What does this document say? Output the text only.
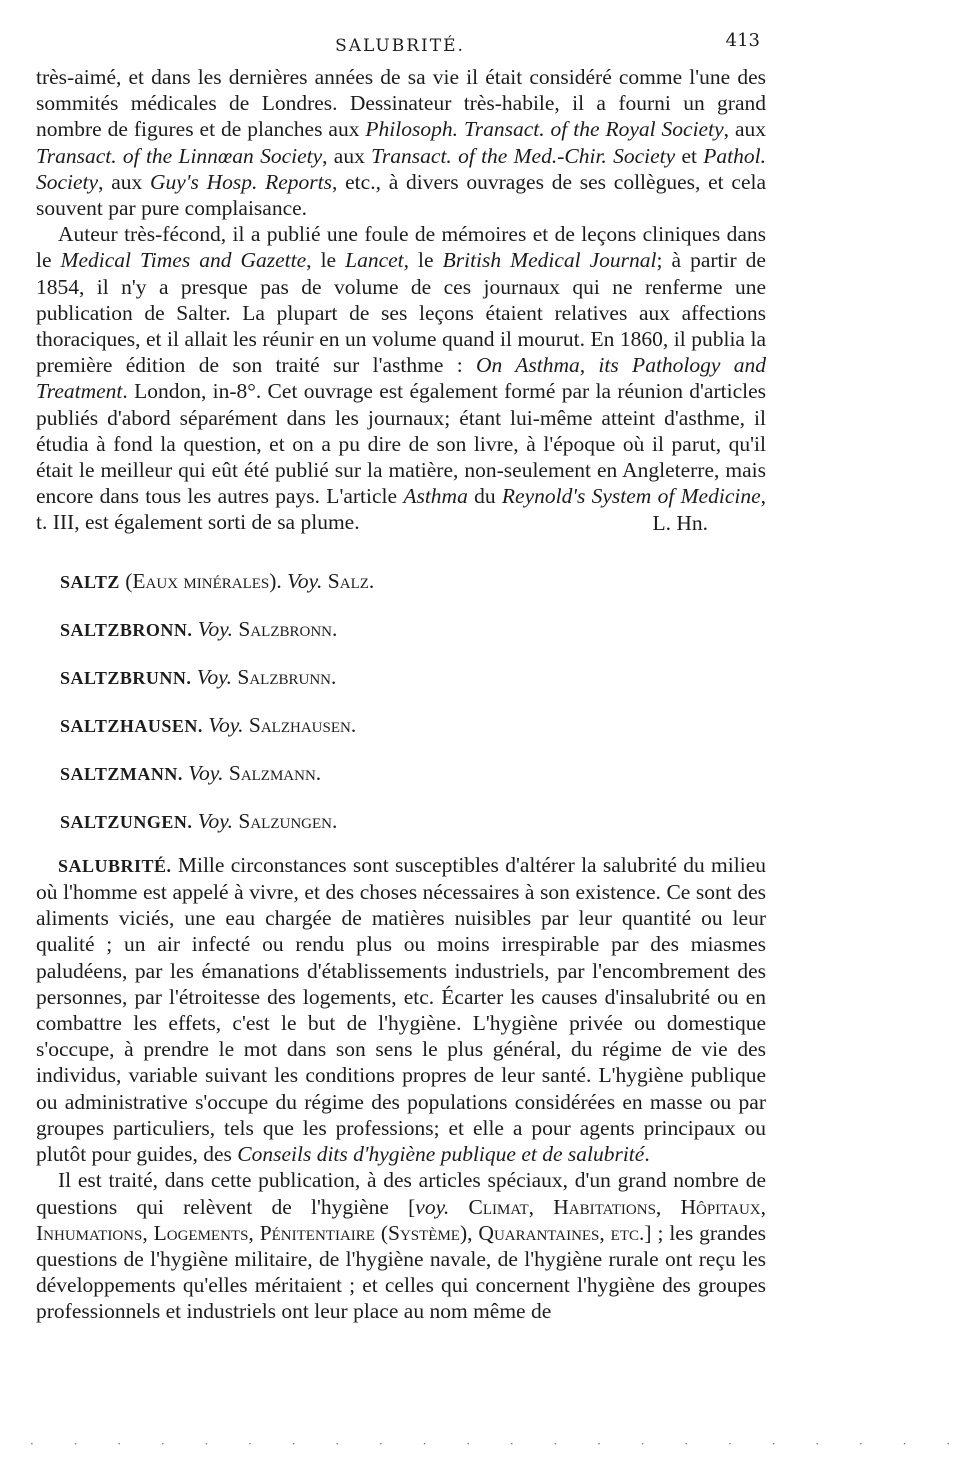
SALUBRITÉ.	413

très-aimé, et dans les dernières années de sa vie il était considéré comme l'une des sommités médicales de Londres. Dessinateur très-habile, il a fourni un grand nombre de figures et de planches aux Philosoph. Transact. of the Royal Society, aux Transact. of the Linnœan Society, aux Transact. of the Med.-Chir. Society et Pathol. Society, aux Guy's Hosp. Reports, etc., à divers ouvrages de ses collègues, et cela souvent par pure complaisance.

Auteur très-fécond, il a publié une foule de mémoires et de leçons cliniques dans le Medical Times and Gazette, le Lancet, le British Medical Journal; à partir de 1854, il n'y a presque pas de volume de ces journaux qui ne renferme une publication de Salter. La plupart de ses leçons étaient relatives aux affections thoraciques, et il allait les réunir en un volume quand il mourut. En 1860, il publia la première édition de son traité sur l'asthme : On Asthma, its Pathology and Treatment. London, in-8°. Cet ouvrage est également formé par la réunion d'articles publiés d'abord séparément dans les journaux; étant lui-même atteint d'asthme, il étudia à fond la question, et on a pu dire de son livre, à l'époque où il parut, qu'il était le meilleur qui eût été publié sur la matière, non-seulement en Angleterre, mais encore dans tous les autres pays. L'article Asthma du Reynold's System of Medicine, t. III, est également sorti de sa plume.	L. Hn.

SALTZ (Eaux minérales). Voy. Salz.

SALTZBRONN. Voy. Salzbronn.

SALTZBRUNN. Voy. Salzbrunn.

SALTZHAUSEN. Voy. Salzhausen.

SALTZMANN. Voy. Salzmann.

SALTZUNGEN. Voy. Salzungen.

SALUBRITÉ. Mille circonstances sont susceptibles d'altérer la salubrité du milieu où l'homme est appelé à vivre, et des choses nécessaires à son existence. Ce sont des aliments viciés, une eau chargée de matières nuisibles par leur quantité ou leur qualité ; un air infecté ou rendu plus ou moins irrespirable par des miasmes paludéens, par les émanations d'établissements industriels, par l'encombrement des personnes, par l'étroitesse des logements, etc. Écarter les causes d'insalubrité ou en combattre les effets, c'est le but de l'hygiène. L'hygiène privée ou domestique s'occupe, à prendre le mot dans son sens le plus général, du régime de vie des individus, variable suivant les conditions propres de leur santé. L'hygiène publique ou administrative s'occupe du régime des populations considérées en masse ou par groupes particuliers, tels que les professions; et elle a pour agents principaux ou plutôt pour guides, des Conseils dits d'hygiène publique et de salubrité.

Il est traité, dans cette publication, à des articles spéciaux, d'un grand nombre de questions qui relèvent de l'hygiène [voy. Climat, Habitations, Hôpitaux, Inhumations, Logements, Pénitentiaire (Système), Quarantaines, etc.] ; les grandes questions de l'hygiène militaire, de l'hygiène navale, de l'hygiène rurale ont reçu les développements qu'elles méritaient ; et celles qui concernent l'hygiène des groupes professionnels et industriels ont leur place au nom même de

· · · · · · · · · · · · · · · · · · · · · ·
